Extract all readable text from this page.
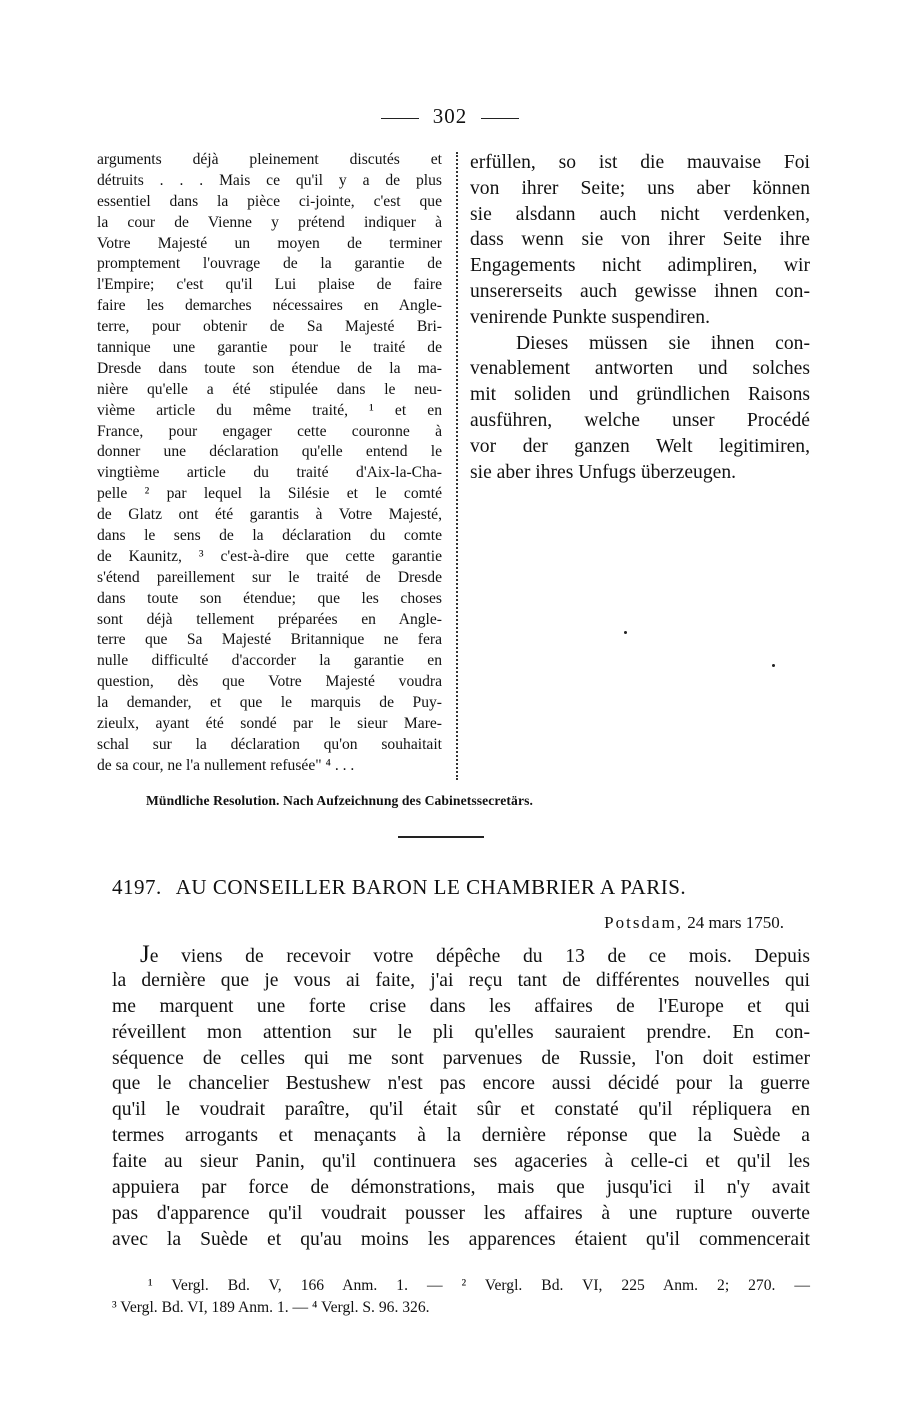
302
arguments déjà pleinement discutés et
détruits . . . Mais ce qu'il y a de plus
essentiel dans la pièce ci-jointe, c'est que
la cour de Vienne y prétend indiquer à
Votre Majesté un moyen de terminer
promptement l'ouvrage de la garantie de
l'Empire; c'est qu'il Lui plaise de faire
faire les demarches nécessaires en Angle-
terre, pour obtenir de Sa Majesté Bri-
tannique une garantie pour le traité de
Dresde dans toute son étendue de la ma-
nière qu'elle a été stipulée dans le neu-
vième article du même traité, ¹ et en
France, pour engager cette couronne à
donner une déclaration qu'elle entend le
vingtième article du traité d'Aix-la-Cha-
pelle ² par lequel la Silésie et le comté
de Glatz ont été garantis à Votre Majesté,
dans le sens de la déclaration du comte
de Kaunitz, ³ c'est-à-dire que cette garantie
s'étend pareillement sur le traité de Dresde
dans toute son étendue; que les choses
sont déjà tellement préparées en Angle-
terre que Sa Majesté Britannique ne fera
nulle difficulté d'accorder la garantie en
question, dès que Votre Majesté voudra
la demander, et que le marquis de Puy-
zieulx, ayant été sondé par le sieur Mare-
schal sur la déclaration qu'on souhaitait
de sa cour, ne l'a nullement refusée" ⁴ . . .
erfüllen, so ist die mauvaise Foi
von ihrer Seite; uns aber können
sie alsdann auch nicht verdenken,
dass wenn sie von ihrer Seite ihre
Engagements nicht adimpliren, wir
unsererseits auch gewisse ihnen con-
venirende Punkte suspendiren.
Dieses müssen sie ihnen con-
venablement antworten und solches
mit soliden und gründlichen Raisons
ausführen, welche unser Procédé
vor der ganzen Welt legitimiren,
sie aber ihres Unfugs überzeugen.
Mündliche Resolution. Nach Aufzeichnung des Cabinetssecretärs.
4197. AU CONSEILLER BARON LE CHAMBRIER A PARIS.
Potsdam, 24 mars 1750.
Je viens de recevoir votre dépêche du 13 de ce mois. Depuis
la dernière que je vous ai faite, j'ai reçu tant de différentes nouvelles qui
me marquent une forte crise dans les affaires de l'Europe et qui
réveillent mon attention sur le pli qu'elles sauraient prendre. En con-
séquence de celles qui me sont parvenues de Russie, l'on doit estimer
que le chancelier Bestushew n'est pas encore aussi décidé pour la guerre
qu'il le voudrait paraître, qu'il était sûr et constaté qu'il répliquera en
termes arrogants et menaçants à la dernière réponse que la Suède a
faite au sieur Panin, qu'il continuera ses agaceries à celle-ci et qu'il les
appuiera par force de démonstrations, mais que jusqu'ici il n'y avait
pas d'apparence qu'il voudrait pousser les affaires à une rupture ouverte
avec la Suède et qu'au moins les apparences étaient qu'il commencerait
¹ Vergl. Bd. V, 166 Anm. 1. — ² Vergl. Bd. VI, 225 Anm. 2; 270. —
³ Vergl. Bd. VI, 189 Anm. 1. — ⁴ Vergl. S. 96. 326.
